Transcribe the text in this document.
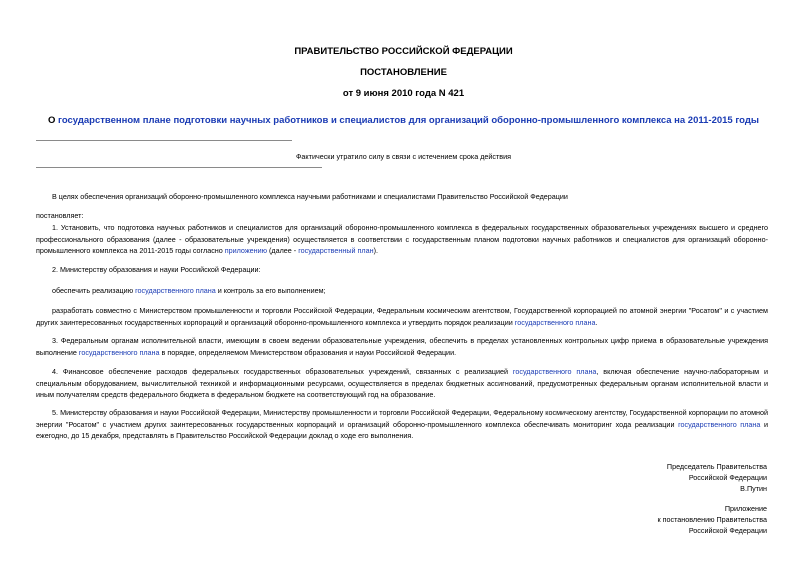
ПРАВИТЕЛЬСТВО РОССИЙСКОЙ ФЕДЕРАЦИИ
ПОСТАНОВЛЕНИЕ
от 9 июня 2010 года N 421
О государственном плане подготовки научных работников и специалистов для организаций оборонно-промышленного комплекса на 2011-2015 годы
Фактически утратило силу в связи с истечением срока действия
В целях обеспечения организаций оборонно-промышленного комплекса научными работниками и специалистами Правительство Российской Федерации
постановляет:
1. Установить, что подготовка научных работников и специалистов для организаций оборонно-промышленного комплекса в федеральных государственных образовательных учреждениях высшего и среднего профессионального образования (далее - образовательные учреждения) осуществляется в соответствии с государственным планом подготовки научных работников и специалистов для организаций оборонно-промышленного комплекса на 2011-2015 годы согласно приложению (далее - государственный план).
2. Министерству образования и науки Российской Федерации:
обеспечить реализацию государственного плана и контроль за его выполнением;
разработать совместно с Министерством промышленности и торговли Российской Федерации, Федеральным космическим агентством, Государственной корпорацией по атомной энергии "Росатом" и с участием других заинтересованных государственных корпораций и организаций оборонно-промышленного комплекса и утвердить порядок реализации государственного плана.
3. Федеральным органам исполнительной власти, имеющим в своем ведении образовательные учреждения, обеспечить в пределах установленных контрольных цифр приема в образовательные учреждения выполнение государственного плана в порядке, определяемом Министерством образования и науки Российской Федерации.
4. Финансовое обеспечение расходов федеральных государственных образовательных учреждений, связанных с реализацией государственного плана, включая обеспечение научно-лабораторным и специальным оборудованием, вычислительной техникой и информационными ресурсами, осуществляется в пределах бюджетных ассигнований, предусмотренных федеральным органам исполнительной власти и иным получателям средств федерального бюджета в федеральном бюджете на соответствующий год на образование.
5. Министерству образования и науки Российской Федерации, Министерству промышленности и торговли Российской Федерации, Федеральному космическому агентству, Государственной корпорации по атомной энергии "Росатом" с участием других заинтересованных государственных корпораций и организаций оборонно-промышленного комплекса обеспечивать мониторинг хода реализации государственного плана и ежегодно, до 15 декабря, представлять в Правительство Российской Федерации доклад о ходе его выполнения.
Председатель Правительства
Российской Федерации
В.Путин
Приложение
к постановлению Правительства
Российской Федерации
